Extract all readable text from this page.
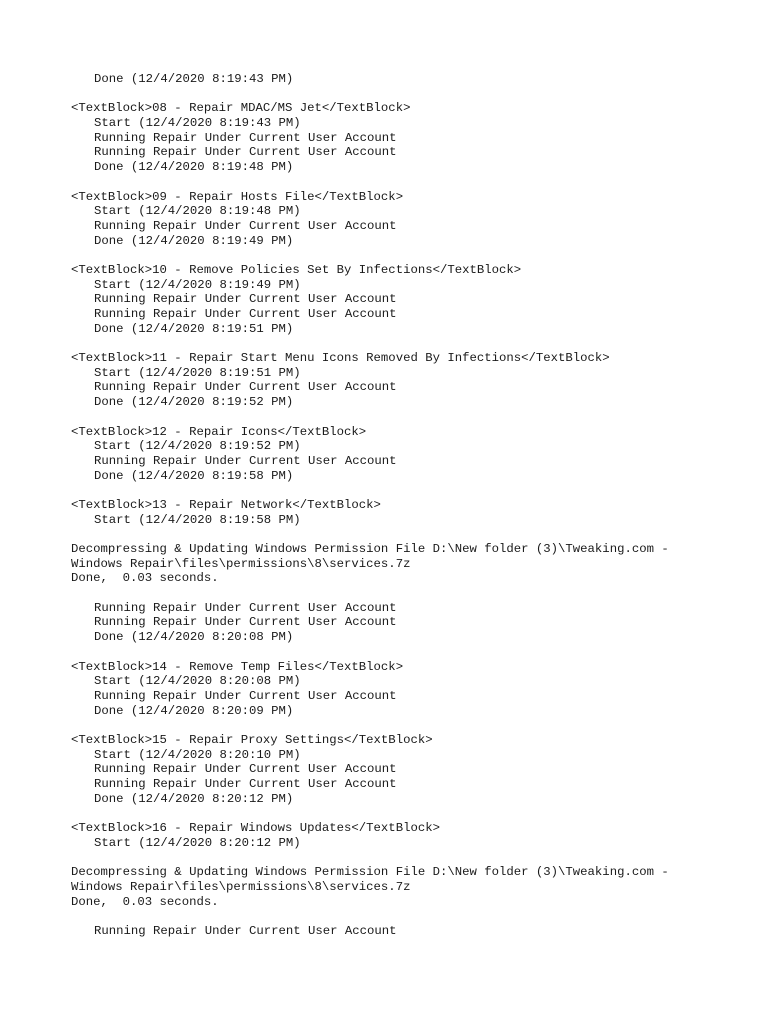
Done (12/4/2020 8:19:43 PM)
<TextBlock>08 - Repair MDAC/MS Jet</TextBlock>
Start (12/4/2020 8:19:43 PM)
Running Repair Under Current User Account
Running Repair Under Current User Account
Done (12/4/2020 8:19:48 PM)
<TextBlock>09 - Repair Hosts File</TextBlock>
Start (12/4/2020 8:19:48 PM)
Running Repair Under Current User Account
Done (12/4/2020 8:19:49 PM)
<TextBlock>10 - Remove Policies Set By Infections</TextBlock>
Start (12/4/2020 8:19:49 PM)
Running Repair Under Current User Account
Running Repair Under Current User Account
Done (12/4/2020 8:19:51 PM)
<TextBlock>11 - Repair Start Menu Icons Removed By Infections</TextBlock>
Start (12/4/2020 8:19:51 PM)
Running Repair Under Current User Account
Done (12/4/2020 8:19:52 PM)
<TextBlock>12 - Repair Icons</TextBlock>
Start (12/4/2020 8:19:52 PM)
Running Repair Under Current User Account
Done (12/4/2020 8:19:58 PM)
<TextBlock>13 - Repair Network</TextBlock>
Start (12/4/2020 8:19:58 PM)
Decompressing & Updating Windows Permission File D:\New folder (3)\Tweaking.com -
Windows Repair\files\permissions\8\services.7z
Done,  0.03 seconds.
Running Repair Under Current User Account
Running Repair Under Current User Account
Done (12/4/2020 8:20:08 PM)
<TextBlock>14 - Remove Temp Files</TextBlock>
Start (12/4/2020 8:20:08 PM)
Running Repair Under Current User Account
Done (12/4/2020 8:20:09 PM)
<TextBlock>15 - Repair Proxy Settings</TextBlock>
Start (12/4/2020 8:20:10 PM)
Running Repair Under Current User Account
Running Repair Under Current User Account
Done (12/4/2020 8:20:12 PM)
<TextBlock>16 - Repair Windows Updates</TextBlock>
Start (12/4/2020 8:20:12 PM)
Decompressing & Updating Windows Permission File D:\New folder (3)\Tweaking.com -
Windows Repair\files\permissions\8\services.7z
Done,  0.03 seconds.
Running Repair Under Current User Account
